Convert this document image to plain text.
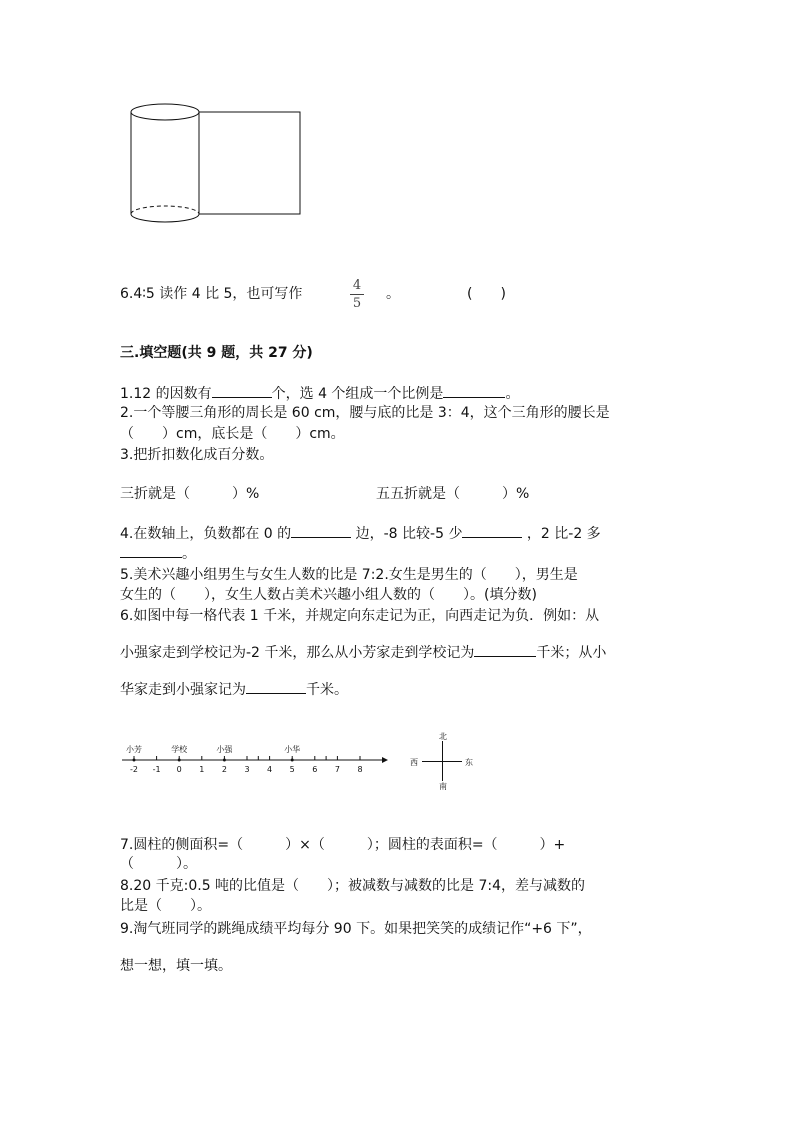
6.4∶5 读作 4 比 5，也可写作
4
5
。	(　　)
三.填空题(共 9 题，共 27 分)
1.12 的因数有	个，选 4 个组成一个比例是	。
2.一个等腰三角形的周长是 60 cm，腰与底的比是 3：4，这个三角形的腰长是
（　　）cm，底长是（　　）cm。
3.把折扣数化成百分数。
三折就是（　　　）%	五五折就是（　　　）%
4.在数轴上，负数都在 0 的	边，-8 比较-5 少	，2 比-2 多
。
5.美术兴趣小组男生与女生人数的比是 7:2.女生是男生的（　　），男生是
女生的（　　），女生人数占美术兴趣小组人数的（　　）。(填分数)
6.如图中每一格代表 1 千米，并规定向东走记为正，向西走记为负．例如：从
小强家走到学校记为-2 千米，那么从小芳家走到学校记为	千米；从小
华家走到小强家记为	千米。
-2 -1 0 1 2 3 4 5 6 7 8
小芳	学校	小强	小华
北
南
西	东
7.圆柱的侧面积=（　　　）×（　　　）；圆柱的表面积=（　　　）+
（　　　）。
8.20 千克:0.5 吨的比值是（　　）；被减数与减数的比是 7:4，差与减数的
比是（　　）。
9.淘气班同学的跳绳成绩平均每分 90 下。如果把笑笑的成绩记作“+6 下”，
想一想，填一填。
